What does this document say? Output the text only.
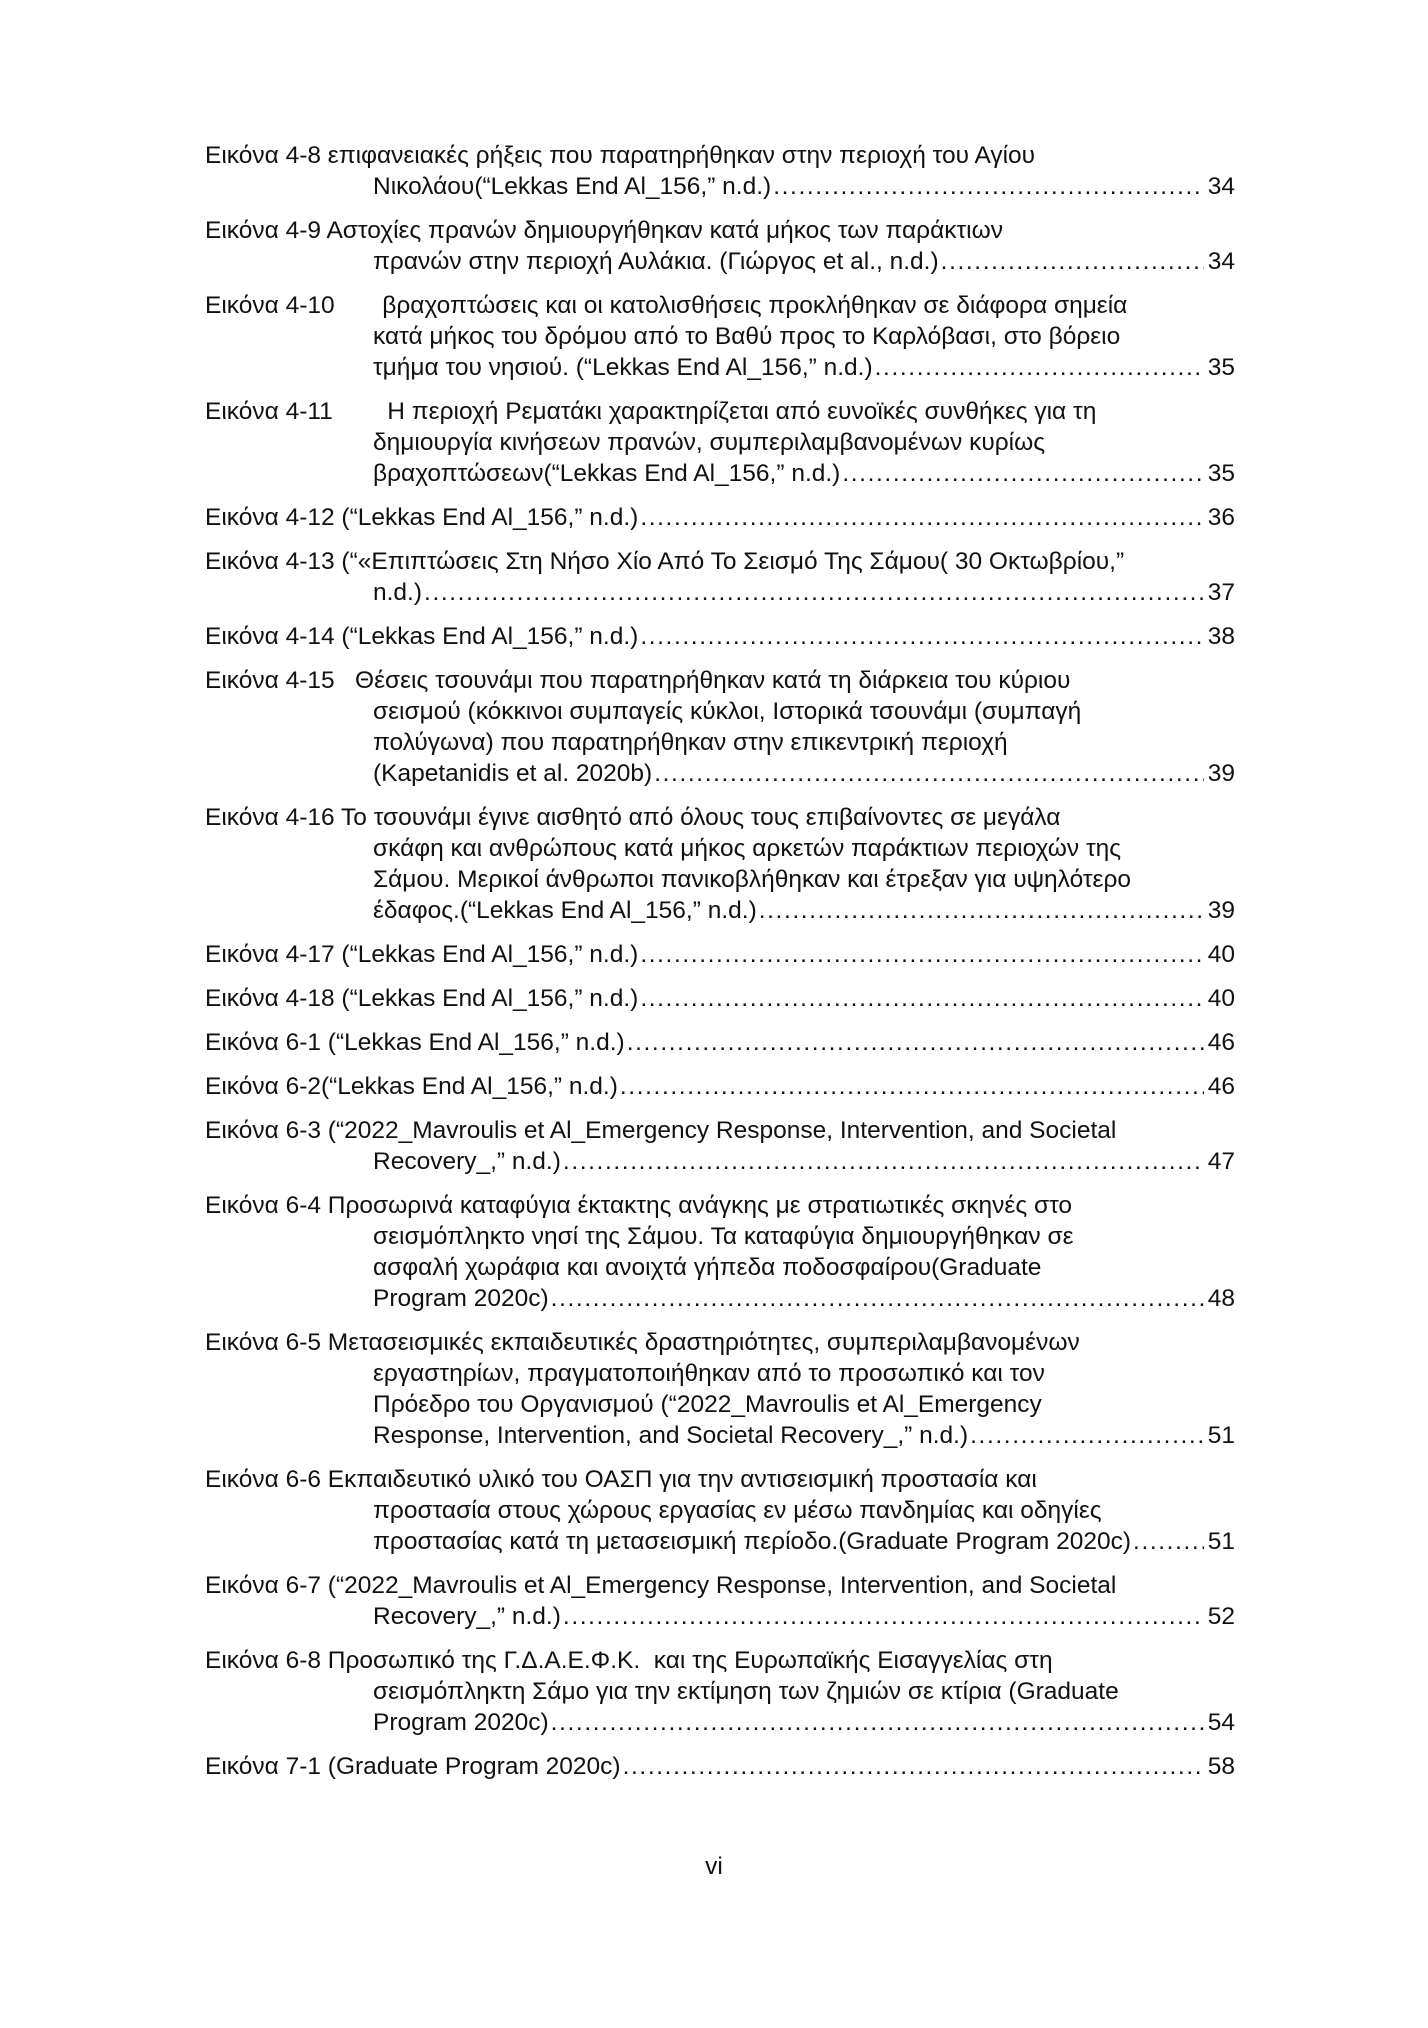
Εικόνα 4-8 επιφανειακές ρήξεις που παρατηρήθηκαν στην περιοχή του Αγίου
Νικολάου(“Lekkas End Al_156,” n.d.) . . .	34
Εικόνα 4-9 Αστοχίες πρανών δημιουργήθηκαν κατά μήκος των παράκτιων
πρανών στην περιοχή Αυλάκια. (Γιώργος et al., n.d.) . . .	34
Εικόνα 4-10       βραχοπτώσεις και οι κατολισθήσεις προκλήθηκαν σε διάφορα σημεία
κατά μήκος του δρόμου από το Βαθύ προς το Καρλόβασι, στο βόρειο
τμήμα του νησιού. (“Lekkas End Al_156,” n.d.) . . .	35
Εικόνα 4-11        Η περιοχή Ρεματάκι χαρακτηρίζεται από ευνοϊκές συνθήκες για τη
δημιουργία κινήσεων πρανών, συμπεριλαμβανομένων κυρίως
βραχοπτώσεων(“Lekkas End Al_156,” n.d.) . . .	35
Εικόνα 4-12 (“Lekkas End Al_156,” n.d.) . . .	36
Εικόνα 4-13 (“«Επιπτώσεις Στη Νήσο Χίο Από Το Σεισμό Της Σάμου( 30 Οκτωβρίου,”
n.d.) . . .	37
Εικόνα 4-14 (“Lekkas End Al_156,” n.d.) . . .	38
Εικόνα 4-15   Θέσεις τσουνάμι που παρατηρήθηκαν κατά τη διάρκεια του κύριου
σεισμού (κόκκινοι συμπαγείς κύκλοι, Ιστορικά τσουνάμι (συμπαγή
πολύγωνα) που παρατηρήθηκαν στην επικεντρική περιοχή
(Kapetanidis et al. 2020b) . . .	39
Εικόνα 4-16 Το τσουνάμι έγινε αισθητό από όλους τους επιβαίνοντες σε μεγάλα
σκάφη και ανθρώπους κατά μήκος αρκετών παράκτιων περιοχών της
Σάμου. Μερικοί άνθρωποι πανικοβλήθηκαν και έτρεξαν για υψηλότερο
έδαφος.(“Lekkas End Al_156,” n.d.) . . .	39
Εικόνα 4-17 (“Lekkas End Al_156,” n.d.) . . .	40
Εικόνα 4-18 (“Lekkas End Al_156,” n.d.) . . .	40
Εικόνα 6-1 (“Lekkas End Al_156,” n.d.) . . .	46
Εικόνα 6-2(“Lekkas End Al_156,” n.d.) . . .	46
Εικόνα 6-3 (“2022_Mavroulis et Al_Emergency Response, Intervention, and Societal
Recovery_,” n.d.) . . .	47
Εικόνα 6-4 Προσωρινά καταφύγια έκτακτης ανάγκης με στρατιωτικές σκηνές στο
σεισμόπληκτο νησί της Σάμου. Τα καταφύγια δημιουργήθηκαν σε
ασφαλή χωράφια και ανοιχτά γήπεδα ποδοσφαίρου(Graduate
Program 2020c) . . .	48
Εικόνα 6-5 Μετασεισμικές εκπαιδευτικές δραστηριότητες, συμπεριλαμβανομένων
εργαστηρίων, πραγματοποιήθηκαν από το προσωπικό και τον
Πρόεδρο του Οργανισμού (“2022_Mavroulis et Al_Emergency
Response, Intervention, and Societal Recovery_,” n.d.) . . .	51
Εικόνα 6-6 Εκπαιδευτικό υλικό του ΟΑΣΠ για την αντισεισμική προστασία και
προστασία στους χώρους εργασίας εν μέσω πανδημίας και οδηγίες
προστασίας κατά τη μετασεισμική περίοδο.(Graduate Program 2020c) . . .	51
Εικόνα 6-7 (“2022_Mavroulis et Al_Emergency Response, Intervention, and Societal
Recovery_,” n.d.) . . .	52
Εικόνα 6-8 Προσωπικό της Γ.Δ.Α.Ε.Φ.Κ.  και της Ευρωπαϊκής Εισαγγελίας στη
σεισμόπληκτη Σάμο για την εκτίμηση των ζημιών σε κτίρια (Graduate
Program 2020c) . . .	54
Εικόνα 7-1 (Graduate Program 2020c) . . .	58
vi
